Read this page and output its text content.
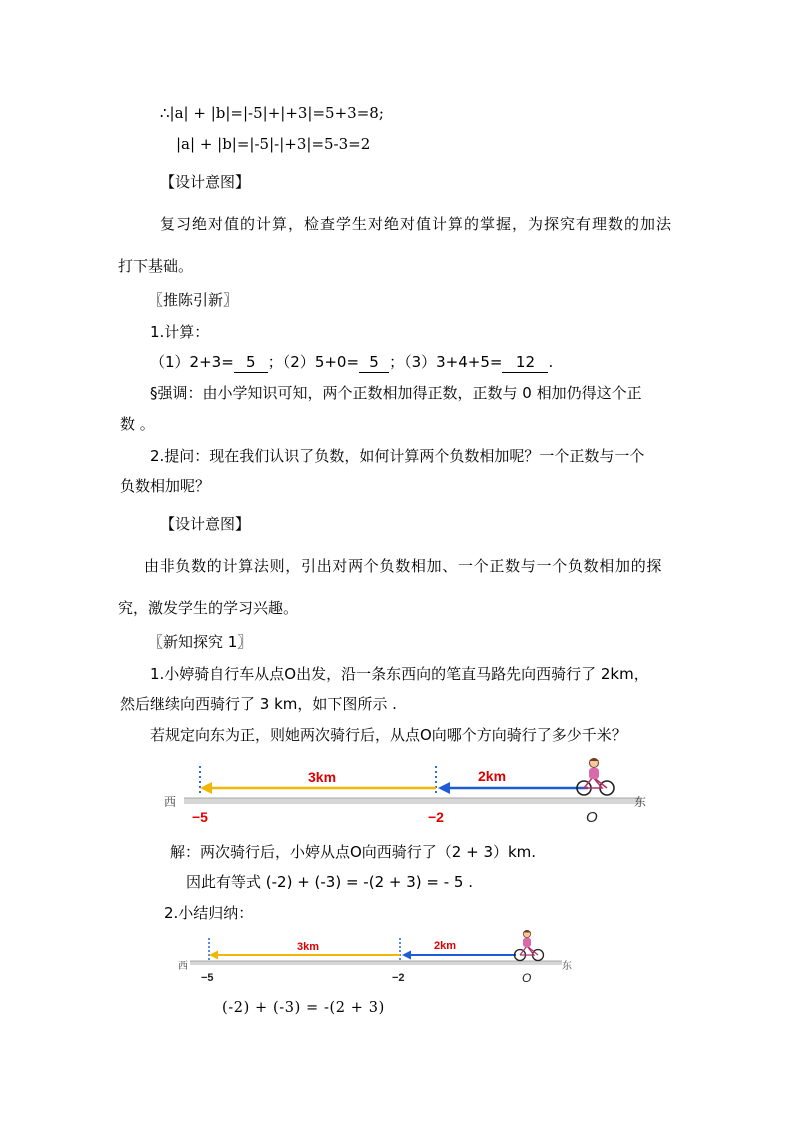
∴|a| + |b|=|-5|+|+3|=5+3=8;
|a| + |b|=|-5|-|+3|=5-3=2
【设计意图】
复习绝对值的计算，检查学生对绝对值计算的掌握，为探究有理数的加法
打下基础。
〖推陈引新〗
1.计算：
（1）2+3= 5 ；（2）5+0= 5 ；（3）3+4+5= 12 .
§强调：由小学知识可知，两个正数相加得正数，正数与 0 相加仍得这个正
数 。
2.提问：现在我们认识了负数，如何计算两个负数相加呢？一个正数与一个
负数相加呢？
【设计意图】
由非负数的计算法则，引出对两个负数相加、一个正数与一个负数相加的探
究，激发学生的学习兴趣。
〖新知探究 1〗
1.小婷骑自行车从点O出发，沿一条东西向的笔直马路先向西骑行了 2km，
然后继续向西骑行了 3 km，如下图所示 .
若规定向东为正，则她两次骑行后，从点O向哪个方向骑行了多少千米？
西	东
3km	2km
−5	−2	O
解：两次骑行后，小婷从点O向西骑行了（2 + 3）km.
因此有等式 (-2) + (-3) = -(2 + 3) = - 5 .
2.小结归纳：
西	东
3km	2km
−5	−2	O
(-2) + (-3) = -(2 + 3)
